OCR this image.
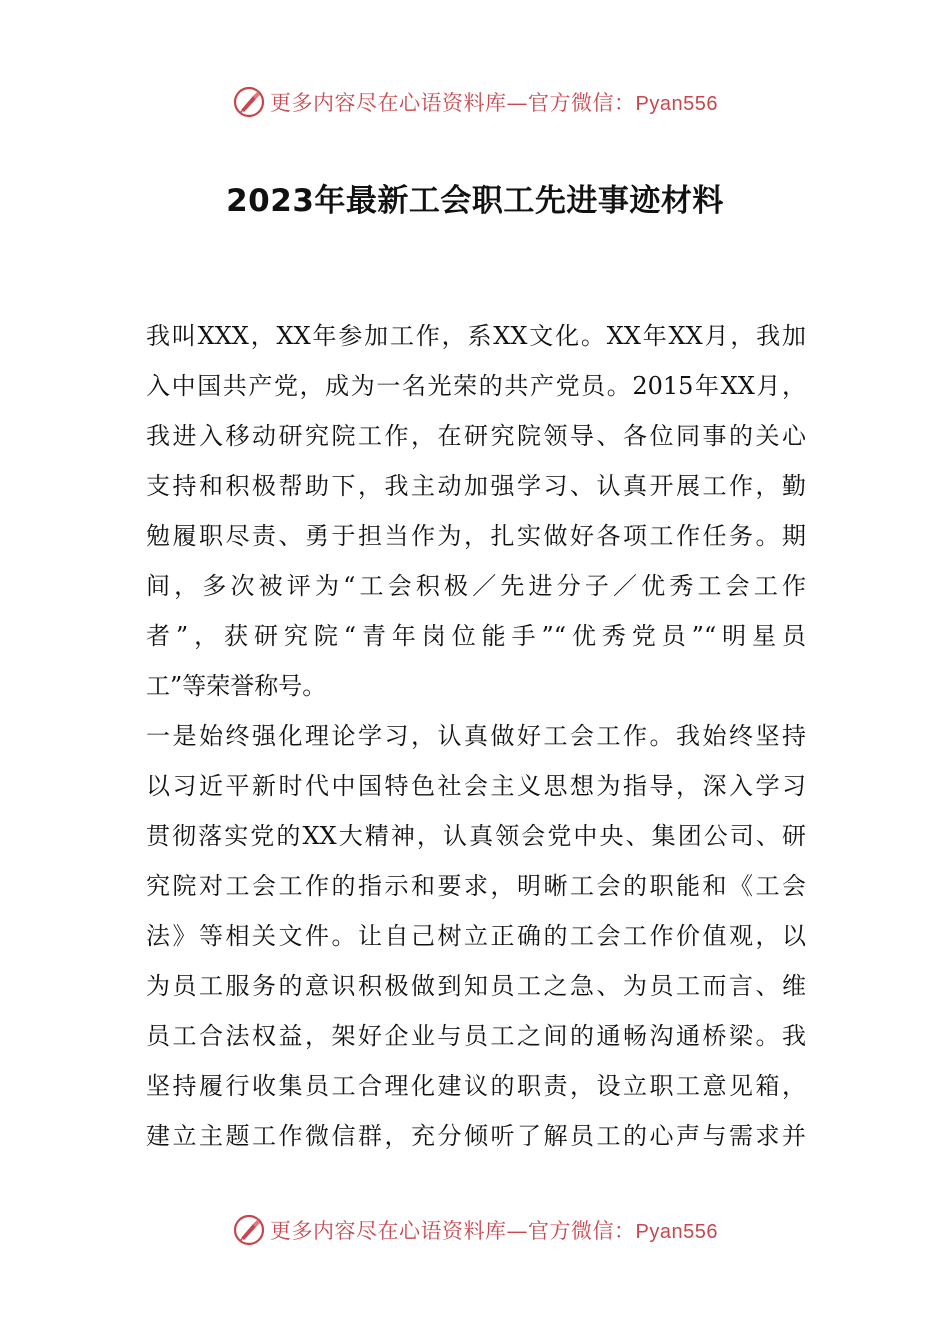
更多内容尽在心语资料库—官方微信：Pyan556
2023年最新工会职工先进事迹材料
我叫XXX，XX年参加工作，系XX文化。XX年XX月，我加
入中国共产党，成为一名光荣的共产党员。2015年XX月，
我进入移动研究院工作，在研究院领导、各位同事的关心
支持和积极帮助下，我主动加强学习、认真开展工作，勤
勉履职尽责、勇于担当作为，扎实做好各项工作任务。期
间，多次被评为“工会积极／先进分子／优秀工会工作
者”，获研究院“青年岗位能手”“优秀党员”“明星员
工”等荣誉称号。
一是始终强化理论学习，认真做好工会工作。我始终坚持
以习近平新时代中国特色社会主义思想为指导，深入学习
贯彻落实党的XX大精神，认真领会党中央、集团公司、研
究院对工会工作的指示和要求，明晰工会的职能和《工会
法》等相关文件。让自己树立正确的工会工作价值观，以
为员工服务的意识积极做到知员工之急、为员工而言、维
员工合法权益，架好企业与员工之间的通畅沟通桥梁。我
坚持履行收集员工合理化建议的职责，设立职工意见箱，
建立主题工作微信群，充分倾听了解员工的心声与需求并
更多内容尽在心语资料库—官方微信：Pyan556
